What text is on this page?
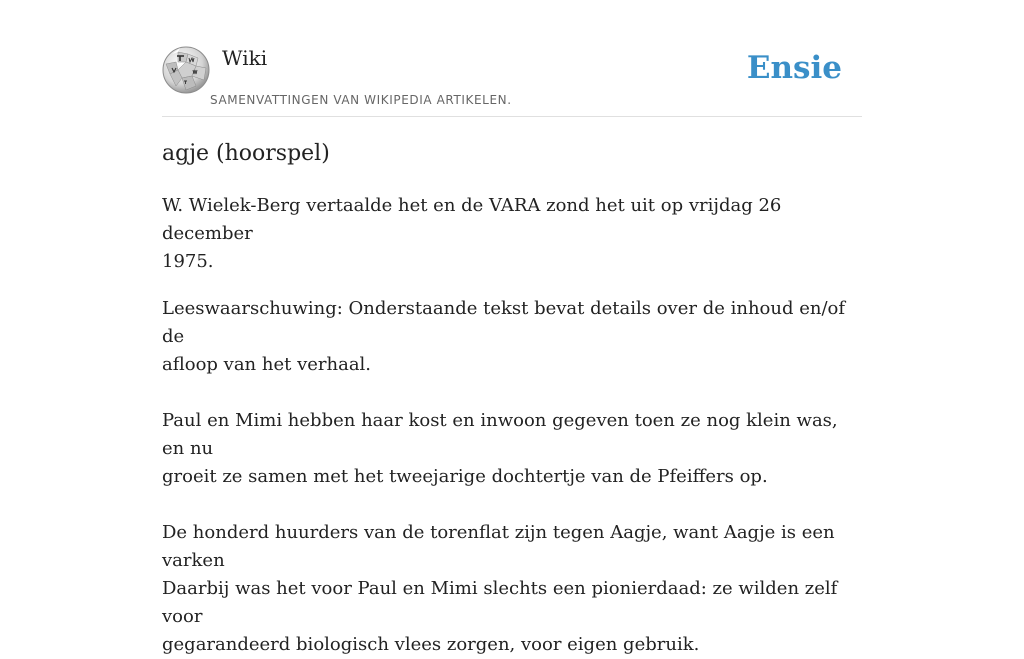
Wiki
SAMENVATTINGEN VAN WIKIPEDIA ARTIKELEN.
Ensie
agje (hoorspel)

W. Wielek-Berg vertaalde het en de VARA zond het uit op vrijdag 26 december
1975.

Leeswaarschuwing: Onderstaande tekst bevat details over de inhoud en/of de
afloop van het verhaal.

Paul en Mimi hebben haar kost en inwoon gegeven toen ze nog klein was, en nu
groeit ze samen met het tweejarige dochtertje van de Pfeiffers op.

De honderd huurders van de torenflat zijn tegen Aagje, want Aagje is een varken
Daarbij was het voor Paul en Mimi slechts een pionierdaad: ze wilden zelf voor
gegarandeerd biologisch vlees zorgen, voor eigen gebruik.
